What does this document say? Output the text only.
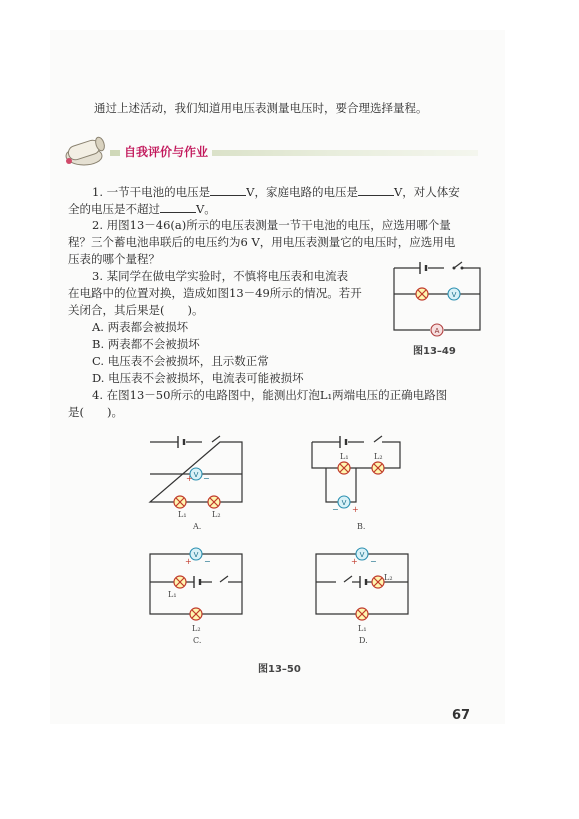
通过上述活动，我们知道用电压表测量电压时，要合理选择量程。
自我评价与作业
1. 一节干电池的电压是	V，家庭电路的电压是	V，对人体安
全的电压是不超过	V。
2. 用图13－46(a)所示的电压表测量一节干电池的电压，应选用哪个量
程？三个蓄电池串联后的电压约为6 V，用电压表测量它的电压时，应选用电
压表的哪个量程？
3. 某同学在做电学实验时，不慎将电压表和电流表
在电路中的位置对换，造成如图13－49所示的情况。若开
关闭合，其后果是(　　)。
A. 两表都会被损坏
B. 两表都不会被损坏
C. 电压表不会被损坏，且示数正常
D. 电压表不会被损坏，电流表可能被损坏
V
A
图13–49
4. 在图13－50所示的电路图中，能测出灯泡L₁两端电压的正确电路图
是(　　)。
V
+ −
L₁	L₂
A.
V
− +
L₁	L₂
B.
V
+ −
L₁
L₂
C.
V
+ −
L₂
L₁
D.
图13–50
67
